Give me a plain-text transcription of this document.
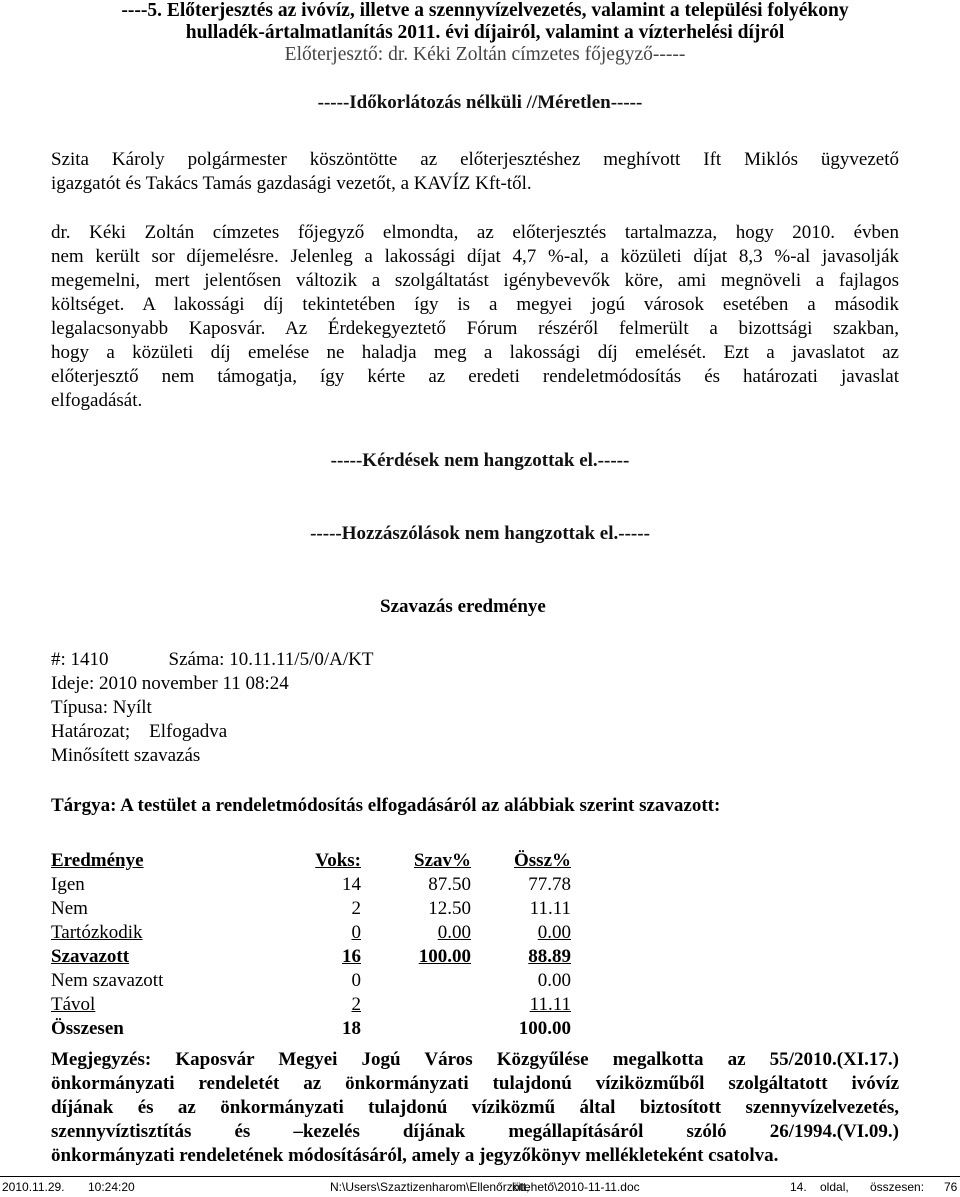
----5. Előterjesztés az ivóvíz, illetve a szennyvízelvezetés, valamint a települési folyékony
hulladék-ártalmatlanítás 2011. évi díjairól, valamint a vízterhelési díjról
Előterjesztő: dr. Kéki Zoltán címzetes főjegyző-----
-----Időkorlátozás nélküli //Méretlen-----
Szita Károly polgármester köszöntötte az előterjesztéshez meghívott Ift Miklós ügyvezető
igazgatót és Takács Tamás gazdasági vezetőt, a KAVÍZ Kft-től.
dr. Kéki Zoltán címzetes főjegyző elmondta, az előterjesztés tartalmazza, hogy 2010. évben
nem került sor díjemelésre. Jelenleg a lakossági díjat 4,7 %-al, a közületi díjat 8,3 %-al javasolják
megemelni, mert jelentősen változik a szolgáltatást igénybevevők köre, ami megnöveli a fajlagos
költséget. A lakossági díj tekintetében így is a megyei jogú városok esetében a második
legalacsonyabb Kaposvár. Az Érdekegyeztető Fórum részéről felmerült a bizottsági szakban,
hogy a közületi díj emelése ne haladja meg a lakossági díj emelését. Ezt a javaslatot az
előterjesztő nem támogatja, így kérte az eredeti rendeletmódosítás és határozati javaslat
elfogadását.
-----Kérdések nem hangzottak el.-----
-----Hozzászólások nem hangzottak el.-----
Szavazás eredménye
#: 1410	Száma: 10.11.11/5/0/A/KT
Ideje: 2010 november 11 08:24
Típusa: Nyílt
Határozat; Elfogadva
Minősített szavazás
Tárgya: A testület a rendeletmódosítás elfogadásáról az alábbiak szerint szavazott:
Eredménye	Voks:	Szav%	Össz%
Igen	14	87.50	77.78
Nem	2	12.50	11.11
Tartózkodik	0	0.00	0.00
Szavazott	16	100.00	88.89
Nem szavazott	0		0.00
Távol	2		11.11
Összesen	18		100.00
Megjegyzés: Kaposvár Megyei Jogú Város Közgyűlése megalkotta az 55/2010.(XI.17.)
önkormányzati rendeletét az önkormányzati tulajdonú víziközműből szolgáltatott ivóvíz
díjának és az önkormányzati tulajdonú víziközmű által biztosított szennyvízelvezetés,
szennyvíztisztítás és –kezelés díjának megállapításáról szóló 26/1994.(VI.09.)
önkormányzati rendeletének módosításáról, amely a jegyzőkönyv mellékleteként csatolva.
2010.11.29. 10:24:20	N:\Users\Szaztizenharom\Ellenőrzött,
kitehető\2010-11-11.doc	14. oldal, összesen: 76
